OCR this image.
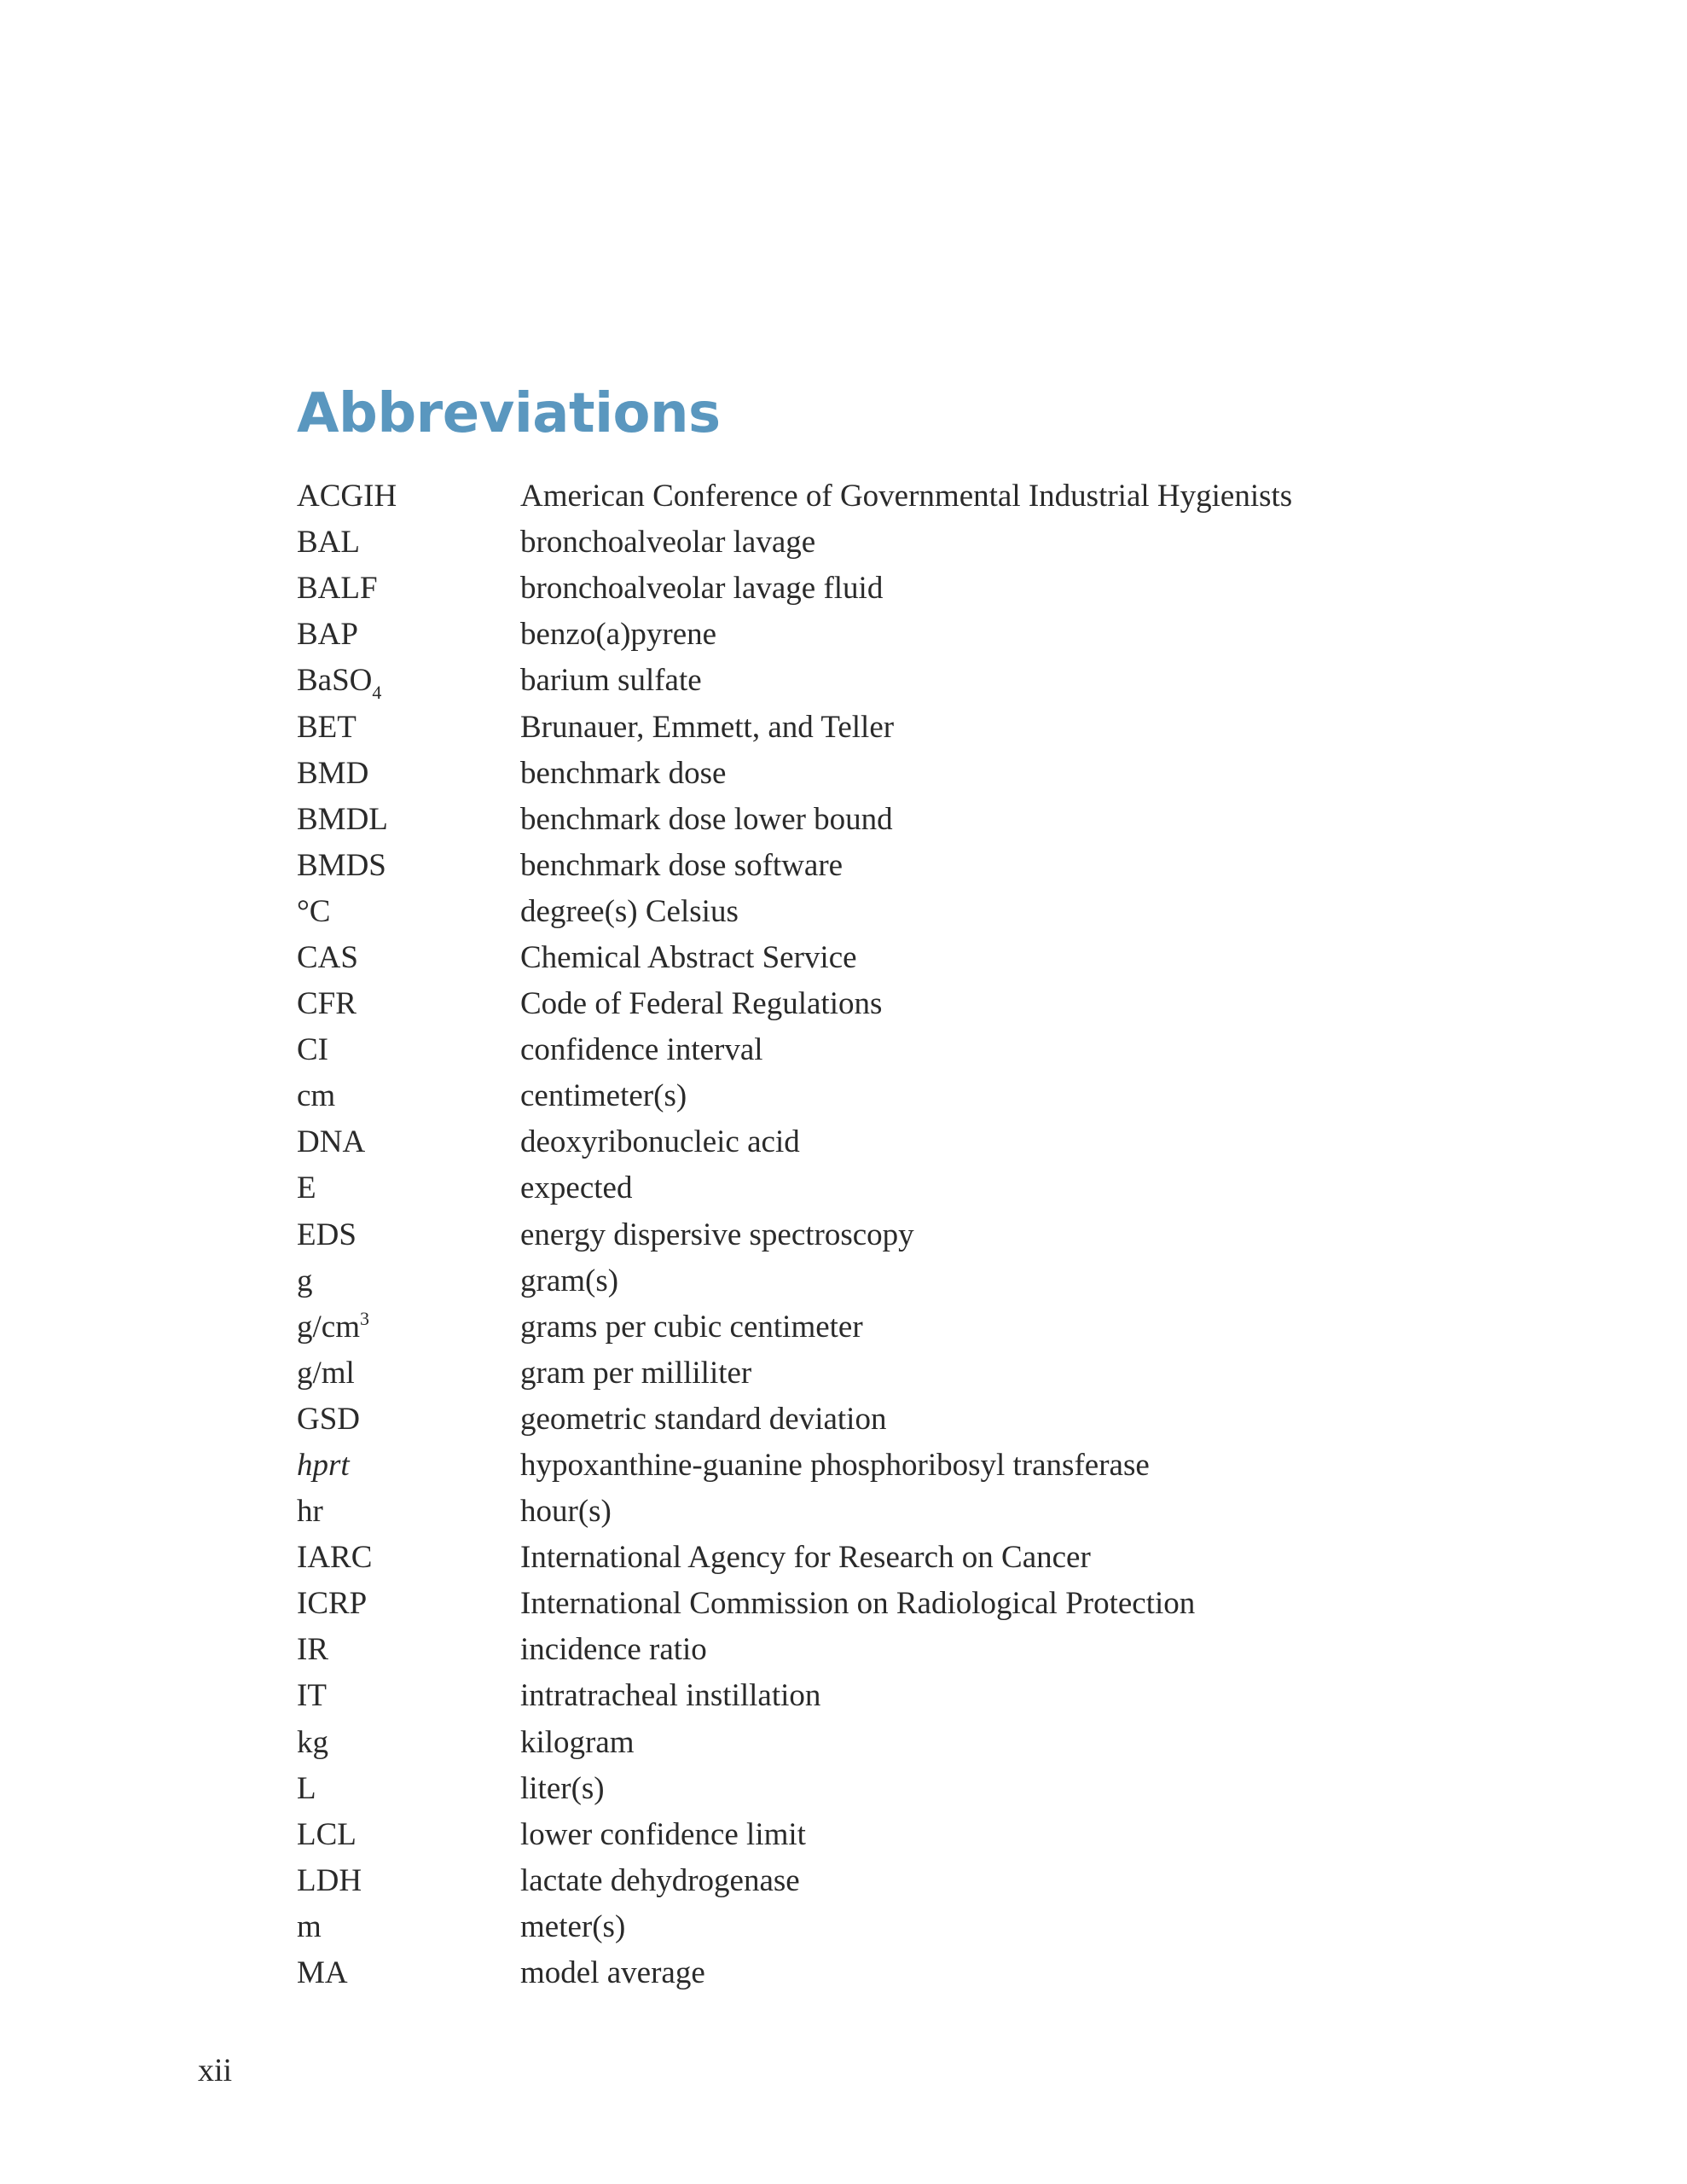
Abbreviations
ACGIH	American Conference of Governmental Industrial Hygienists
BAL	bronchoalveolar lavage
BALF	bronchoalveolar lavage fluid
BAP	benzo(a)pyrene
BaSO$_4$	barium sulfate
BET	Brunauer, Emmett, and Teller
BMD	benchmark dose
BMDL	benchmark dose lower bound
BMDS	benchmark dose software
°C	degree(s) Celsius
CAS	Chemical Abstract Service
CFR	Code of Federal Regulations
CI	confidence interval
cm	centimeter(s)
DNA	deoxyribonucleic acid
E	expected
EDS	energy dispersive spectroscopy
g	gram(s)
$g/cm^3$	grams per cubic centimeter
g/ml	gram per milliliter
GSD	geometric standard deviation
hprt	hypoxanthine-guanine phosphoribosyl transferase
hr	hour(s)
IARC	International Agency for Research on Cancer
ICRP	International Commission on Radiological Protection
IR	incidence ratio
IT	intratracheal instillation
kg	kilogram
L	liter(s)
LCL	lower confidence limit
LDH	lactate dehydrogenase
m	meter(s)
MA	model average
xii
